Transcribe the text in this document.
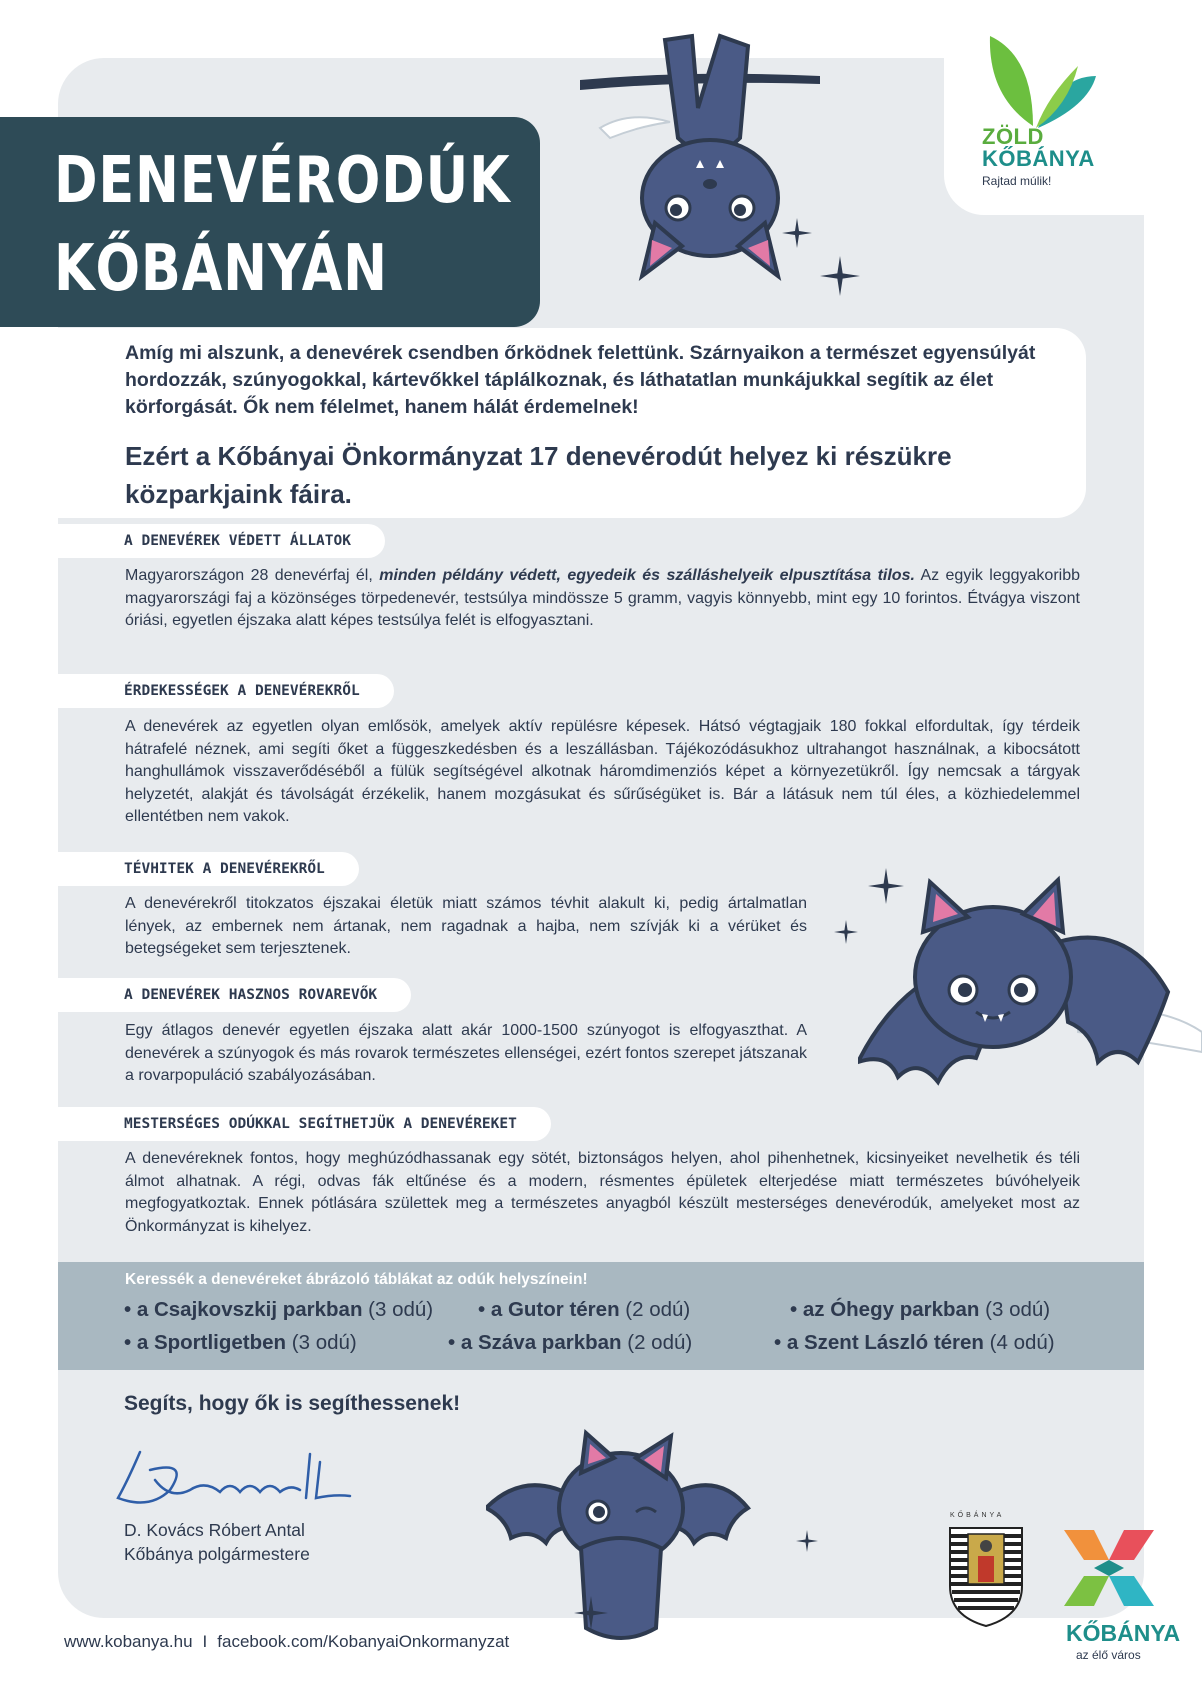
ZÖLD
KŐBÁNYA
Rajtad múlik!
DENEVÉRODÚK
KŐBÁNYÁN
Amíg mi alszunk, a denevérek csendben őrködnek felettünk. Szárnyaikon a természet egyensúlyát hordozzák, szúnyogokkal, kártevőkkel táplálkoznak, és láthatatlan munkájukkal segítik az élet körforgását. Ők nem félelmet, hanem hálát érdemelnek!
Ezért a Kőbányai Önkormányzat 17 denevérodút helyez ki részükre közparkjaink fáira.
A DENEVÉREK VÉDETT ÁLLATOK
Magyarországon 28 denevérfaj él, minden példány védett, egyedeik és szálláshelyeik elpusztítása tilos. Az egyik leggyakoribb magyarországi faj a közönséges törpedenevér, testsúlya mindössze 5 gramm, vagyis könnyebb, mint egy 10 forintos. Étvágya viszont óriási, egyetlen éjszaka alatt képes testsúlya felét is elfogyasztani.
ÉRDEKESSÉGEK A DENEVÉREKRŐL
A denevérek az egyetlen olyan emlősök, amelyek aktív repülésre képesek. Hátsó végtagjaik 180 fokkal elfordultak, így térdeik hátrafelé néznek, ami segíti őket a függeszkedésben és a leszállásban. Tájékozódásukhoz ultrahangot használnak, a kibocsátott hanghullámok visszaverődéséből a fülük segítségével alkotnak háromdimenziós képet a környezetükről. Így nemcsak a tárgyak helyzetét, alakját és távolságát érzékelik, hanem mozgásukat és sűrűségüket is. Bár a látásuk nem túl éles, a közhiedelemmel ellentétben nem vakok.
TÉVHITEK A DENEVÉREKRŐL
A denevérekről titokzatos éjszakai életük miatt számos tévhit alakult ki, pedig ártalmatlan lények, az embernek nem ártanak, nem ragadnak a hajba, nem szívják ki a vérüket és betegségeket sem terjesztenek.
A DENEVÉREK HASZNOS ROVAREVŐK
Egy átlagos denevér egyetlen éjszaka alatt akár 1000-1500 szúnyogot is elfogyaszthat. A denevérek a szúnyogok és más rovarok természetes ellenségei, ezért fontos szerepet játszanak a rovarpopuláció szabályozásában.
MESTERSÉGES ODÚKKAL SEGÍTHETJÜK A DENEVÉREKET
A denevéreknek fontos, hogy meghúzódhassanak egy sötét, biztonságos helyen, ahol pihenhetnek, kicsinyeiket nevelhetik és téli álmot alhatnak. A régi, odvas fák eltűnése és a modern, résmentes épületek elterjedése miatt természetes búvóhelyeik megfogyatkoztak. Ennek pótlására születtek meg a természetes anyagból készült mesterséges denevérodúk, amelyeket most az Önkormányzat is kihelyez.
Keressék a denevéreket ábrázoló táblákat az odúk helyszínein!
• a Csajkovszkij parkban (3 odú) • a Gutor téren (2 odú)	• az Óhegy parkban (3 odú)
• a Sportligetben (3 odú)	• a Száva parkban (2 odú)	• a Szent László téren (4 odú)
Segíts, hogy ők is segíthessenek!
D. Kovács Róbert Antal
Kőbánya polgármestere
KŐBÁNYA
KŐBÁNYA
az élő város
www.kobanya.hu I facebook.com/KobanyaiOnkormanyzat
